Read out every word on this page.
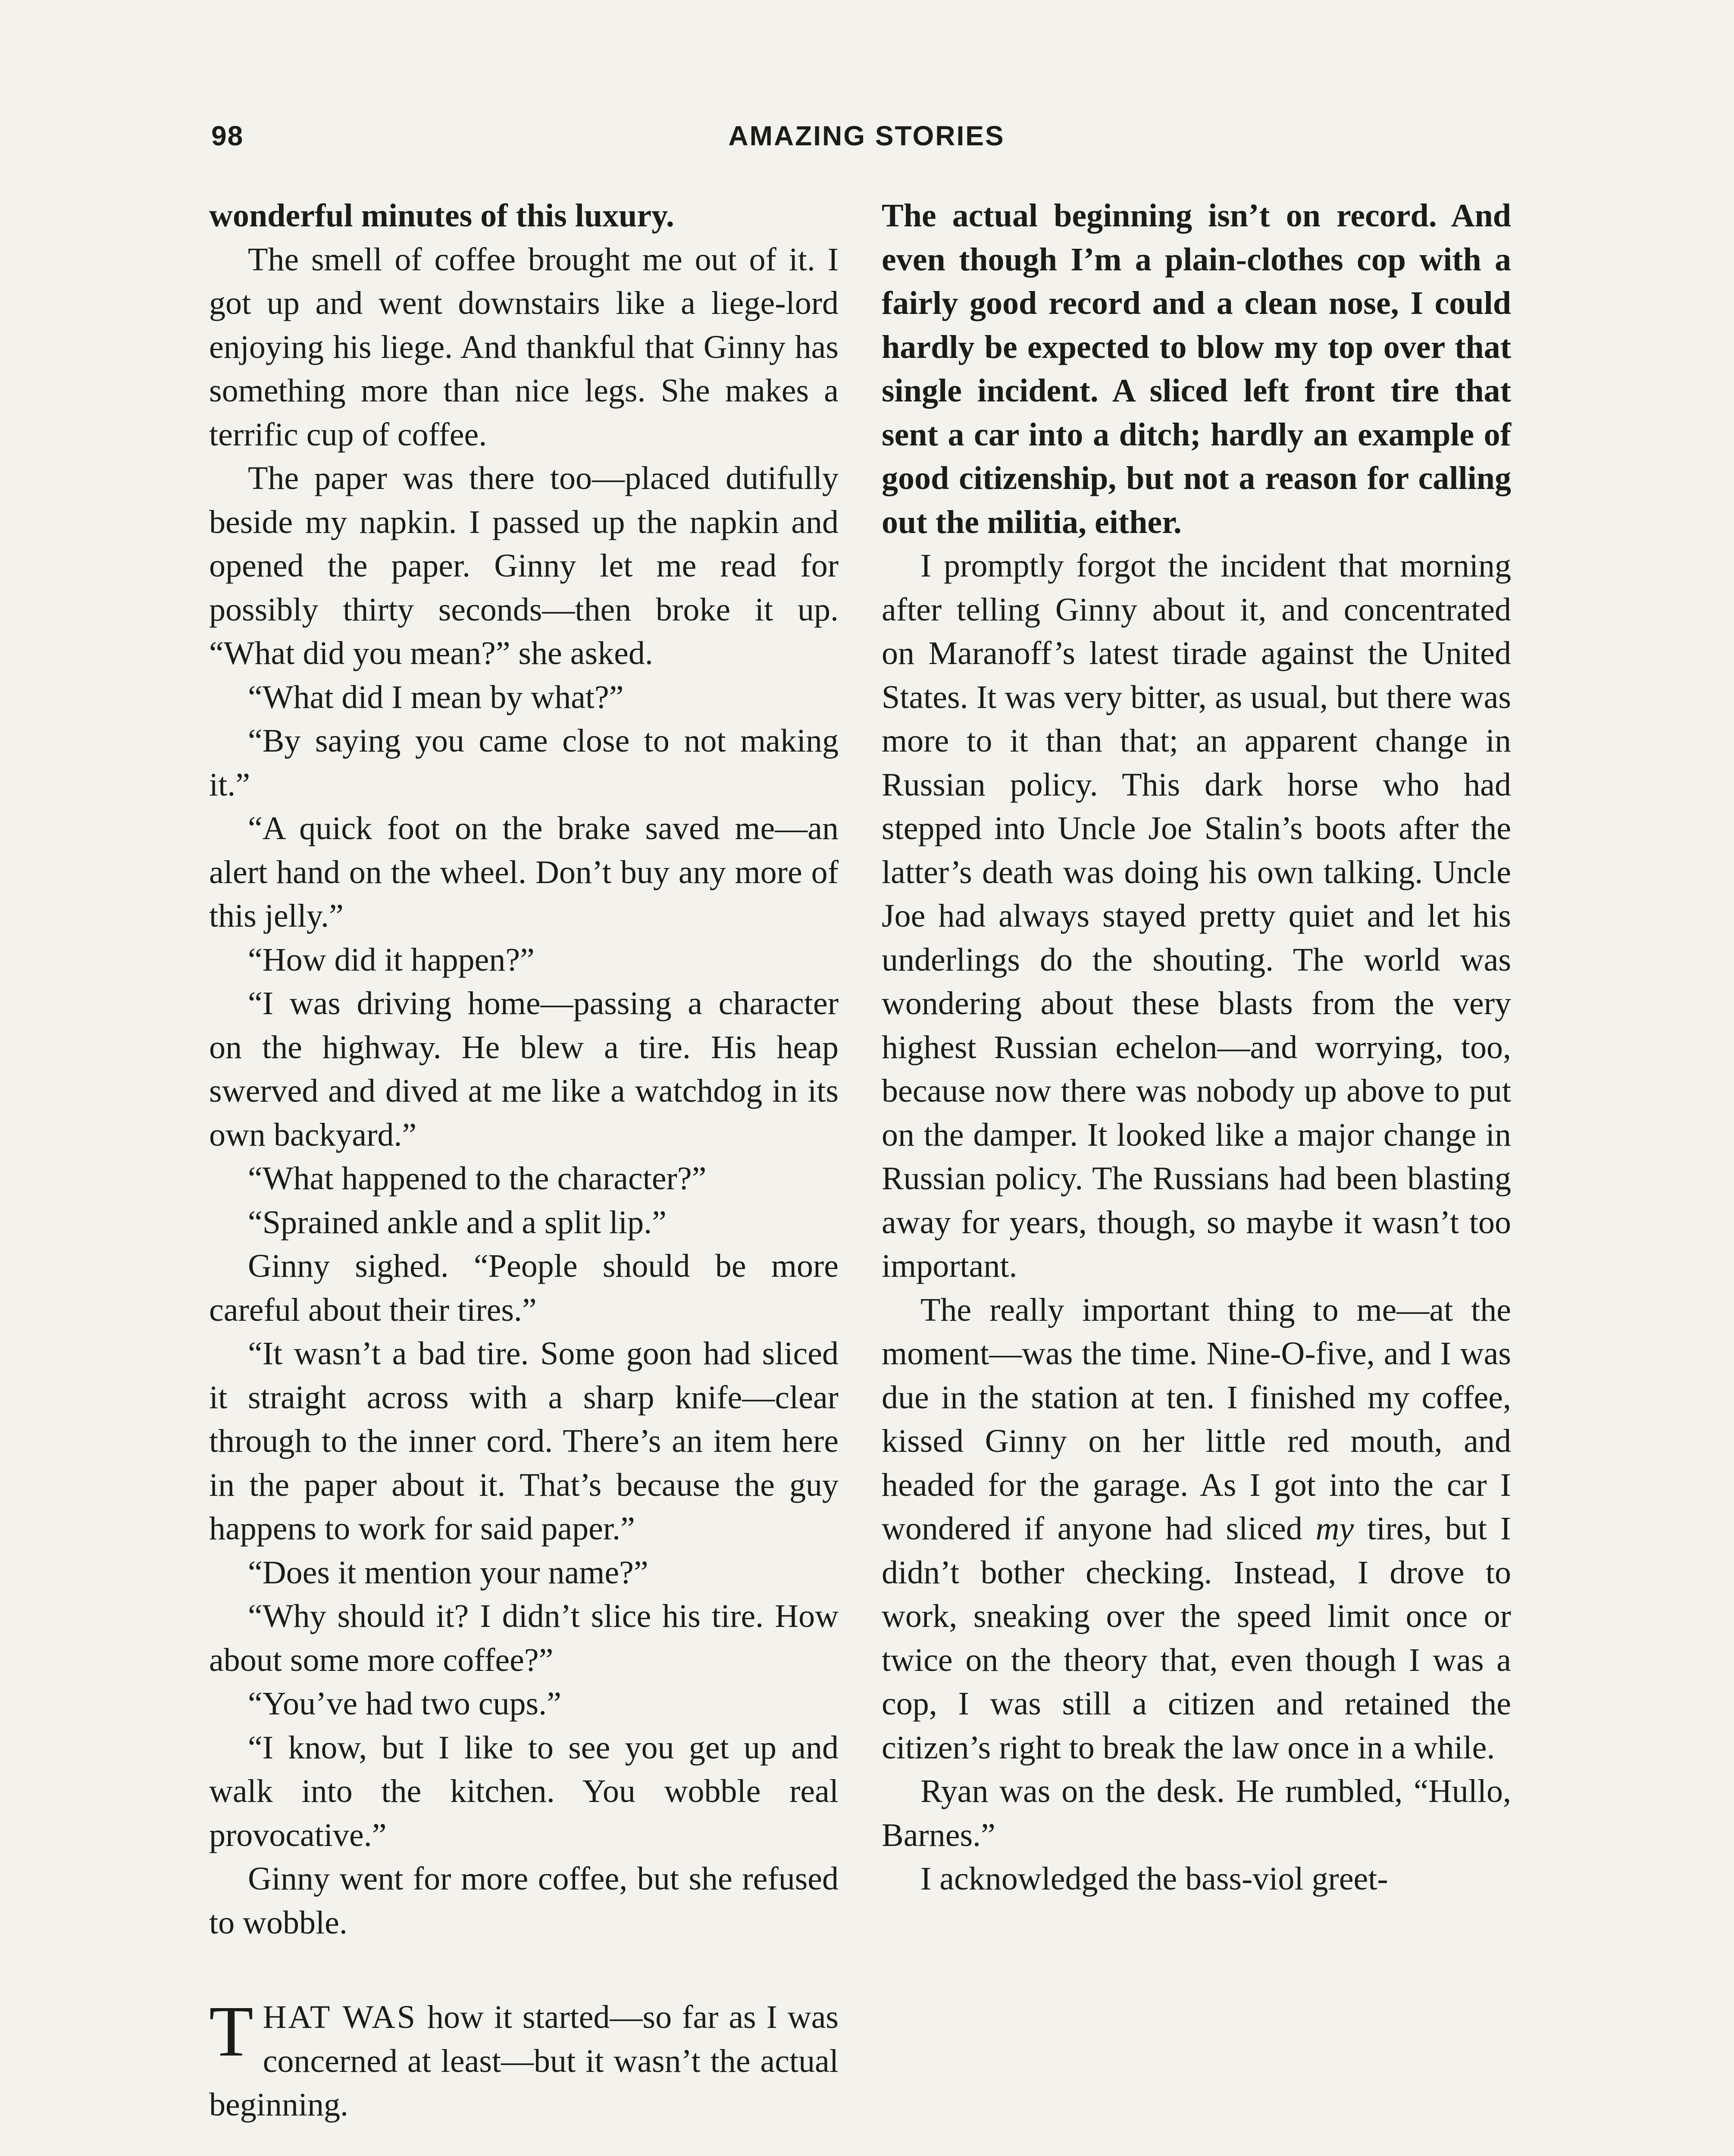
98	AMAZING STORIES

wonderful minutes of this luxury.

The smell of coffee brought me out of it. I got up and went downstairs like a liege-lord enjoying his liege. And thankful that Ginny has something more than nice legs. She makes a terrific cup of coffee.

The paper was there too—placed dutifully beside my napkin. I passed up the napkin and opened the paper. Ginny let me read for possibly thirty seconds—then broke it up. “What did you mean?” she asked.

“What did I mean by what?”

“By saying you came close to not making it.”

“A quick foot on the brake saved me—an alert hand on the wheel. Don’t buy any more of this jelly.”

“How did it happen?”

“I was driving home—passing a character on the highway. He blew a tire. His heap swerved and dived at me like a watchdog in its own backyard.”

“What happened to the character?”

“Sprained ankle and a split lip.”

Ginny sighed. “People should be more careful about their tires.”

“It wasn’t a bad tire. Some goon had sliced it straight across with a sharp knife—clear through to the inner cord. There’s an item here in the paper about it. That’s because the guy happens to work for said paper.”

“Does it mention your name?”

“Why should it? I didn’t slice his tire. How about some more coffee?”

“You’ve had two cups.”

“I know, but I like to see you get up and walk into the kitchen. You wobble real provocative.”

Ginny went for more coffee, but she refused to wobble.

THAT WAS how it started—so far as I was concerned at least—but it wasn’t the actual beginning.

The actual beginning isn’t on record. And even though I’m a plain-clothes cop with a fairly good record and a clean nose, I could hardly be expected to blow my top over that single incident. A sliced left front tire that sent a car into a ditch; hardly an example of good citizenship, but not a reason for calling out the militia, either.

I promptly forgot the incident that morning after telling Ginny about it, and concentrated on Maranoff’s latest tirade against the United States. It was very bitter, as usual, but there was more to it than that; an apparent change in Russian policy. This dark horse who had stepped into Uncle Joe Stalin’s boots after the latter’s death was doing his own talking. Uncle Joe had always stayed pretty quiet and let his underlings do the shouting. The world was wondering about these blasts from the very highest Russian echelon—and worrying, too, because now there was nobody up above to put on the damper. It looked like a major change in Russian policy. The Russians had been blasting away for years, though, so maybe it wasn’t too important.

The really important thing to me—at the moment—was the time. Nine-O-five, and I was due in the station at ten. I finished my coffee, kissed Ginny on her little red mouth, and headed for the garage. As I got into the car I wondered if anyone had sliced my tires, but I didn’t bother checking. Instead, I drove to work, sneaking over the speed limit once or twice on the theory that, even though I was a cop, I was still a citizen and retained the citizen’s right to break the law once in a while.

Ryan was on the desk. He rumbled, “Hullo, Barnes.”

I acknowledged the bass-viol greet-
